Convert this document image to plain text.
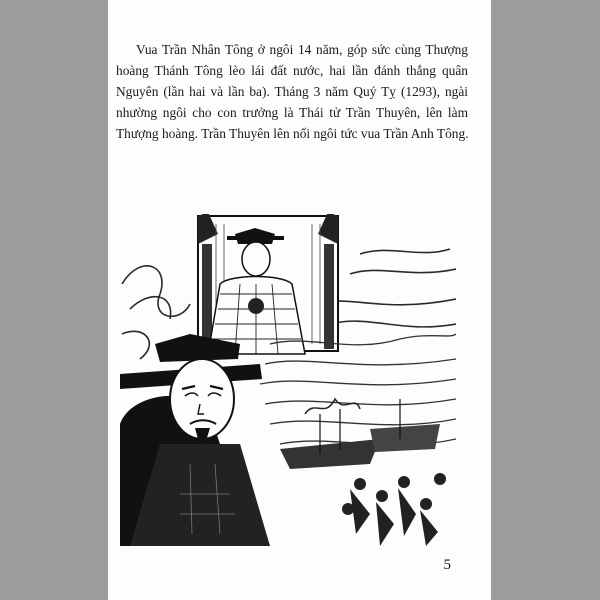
Vua Trần Nhân Tông ở ngôi 14 năm, góp sức cùng Thượng
hoàng Thánh Tông lèo lái đất nước, hai lần đánh thắng quân
Nguyên (lần hai và lần ba). Tháng 3 năm Quý Tỵ (1293), ngài
nhường ngôi cho con trưởng là Thái tử Trần Thuyên, lên làm
Thượng hoàng. Trần Thuyên lên nối ngôi tức vua Trần Anh Tông.

5
